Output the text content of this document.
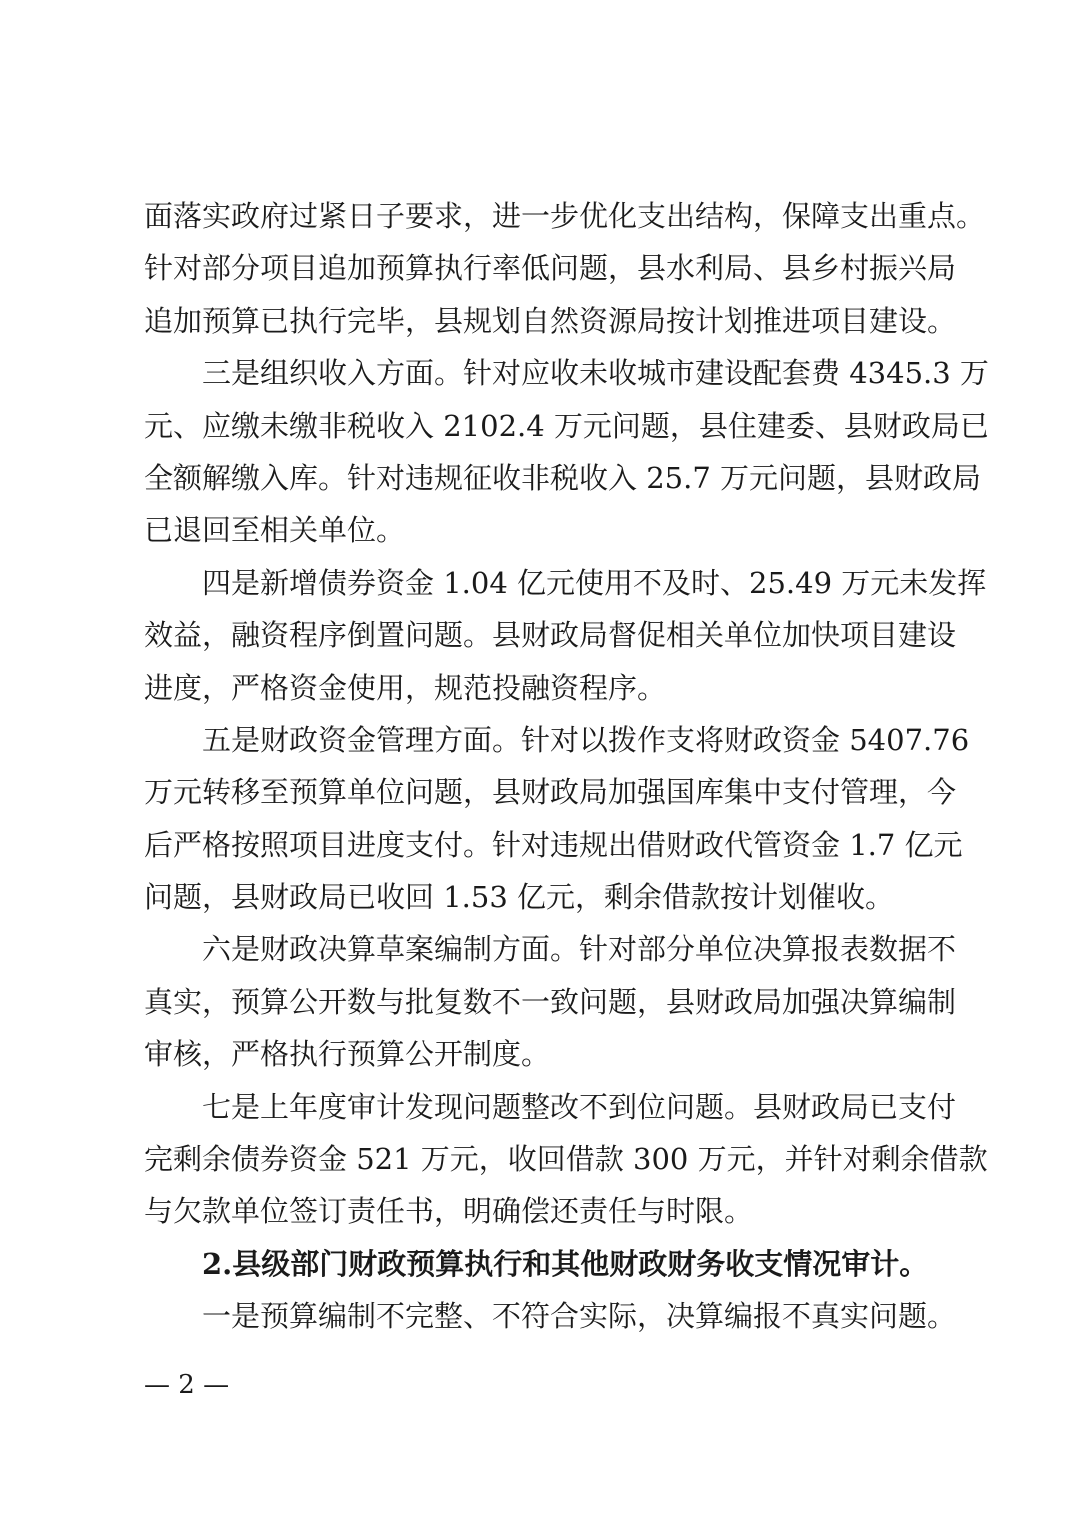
面落实政府过紧日子要求，进一步优化支出结构，保障支出重点。
针对部分项目追加预算执行率低问题，县水利局、县乡村振兴局
追加预算已执行完毕，县规划自然资源局按计划推进项目建设。
三是组织收入方面。针对应收未收城市建设配套费 4345.3 万
元、应缴未缴非税收入 2102.4 万元问题，县住建委、县财政局已
全额解缴入库。针对违规征收非税收入 25.7 万元问题，县财政局
已退回至相关单位。
四是新增债券资金 1.04 亿元使用不及时、25.49 万元未发挥
效益，融资程序倒置问题。县财政局督促相关单位加快项目建设
进度，严格资金使用，规范投融资程序。
五是财政资金管理方面。针对以拨作支将财政资金 5407.76
万元转移至预算单位问题，县财政局加强国库集中支付管理，今
后严格按照项目进度支付。针对违规出借财政代管资金 1.7 亿元
问题，县财政局已收回 1.53 亿元，剩余借款按计划催收。
六是财政决算草案编制方面。针对部分单位决算报表数据不
真实，预算公开数与批复数不一致问题，县财政局加强决算编制
审核，严格执行预算公开制度。
七是上年度审计发现问题整改不到位问题。县财政局已支付
完剩余债券资金 521 万元，收回借款 300 万元，并针对剩余借款
与欠款单位签订责任书，明确偿还责任与时限。
2.县级部门财政预算执行和其他财政财务收支情况审计。
一是预算编制不完整、不符合实际，决算编报不真实问题。
— 2 —
